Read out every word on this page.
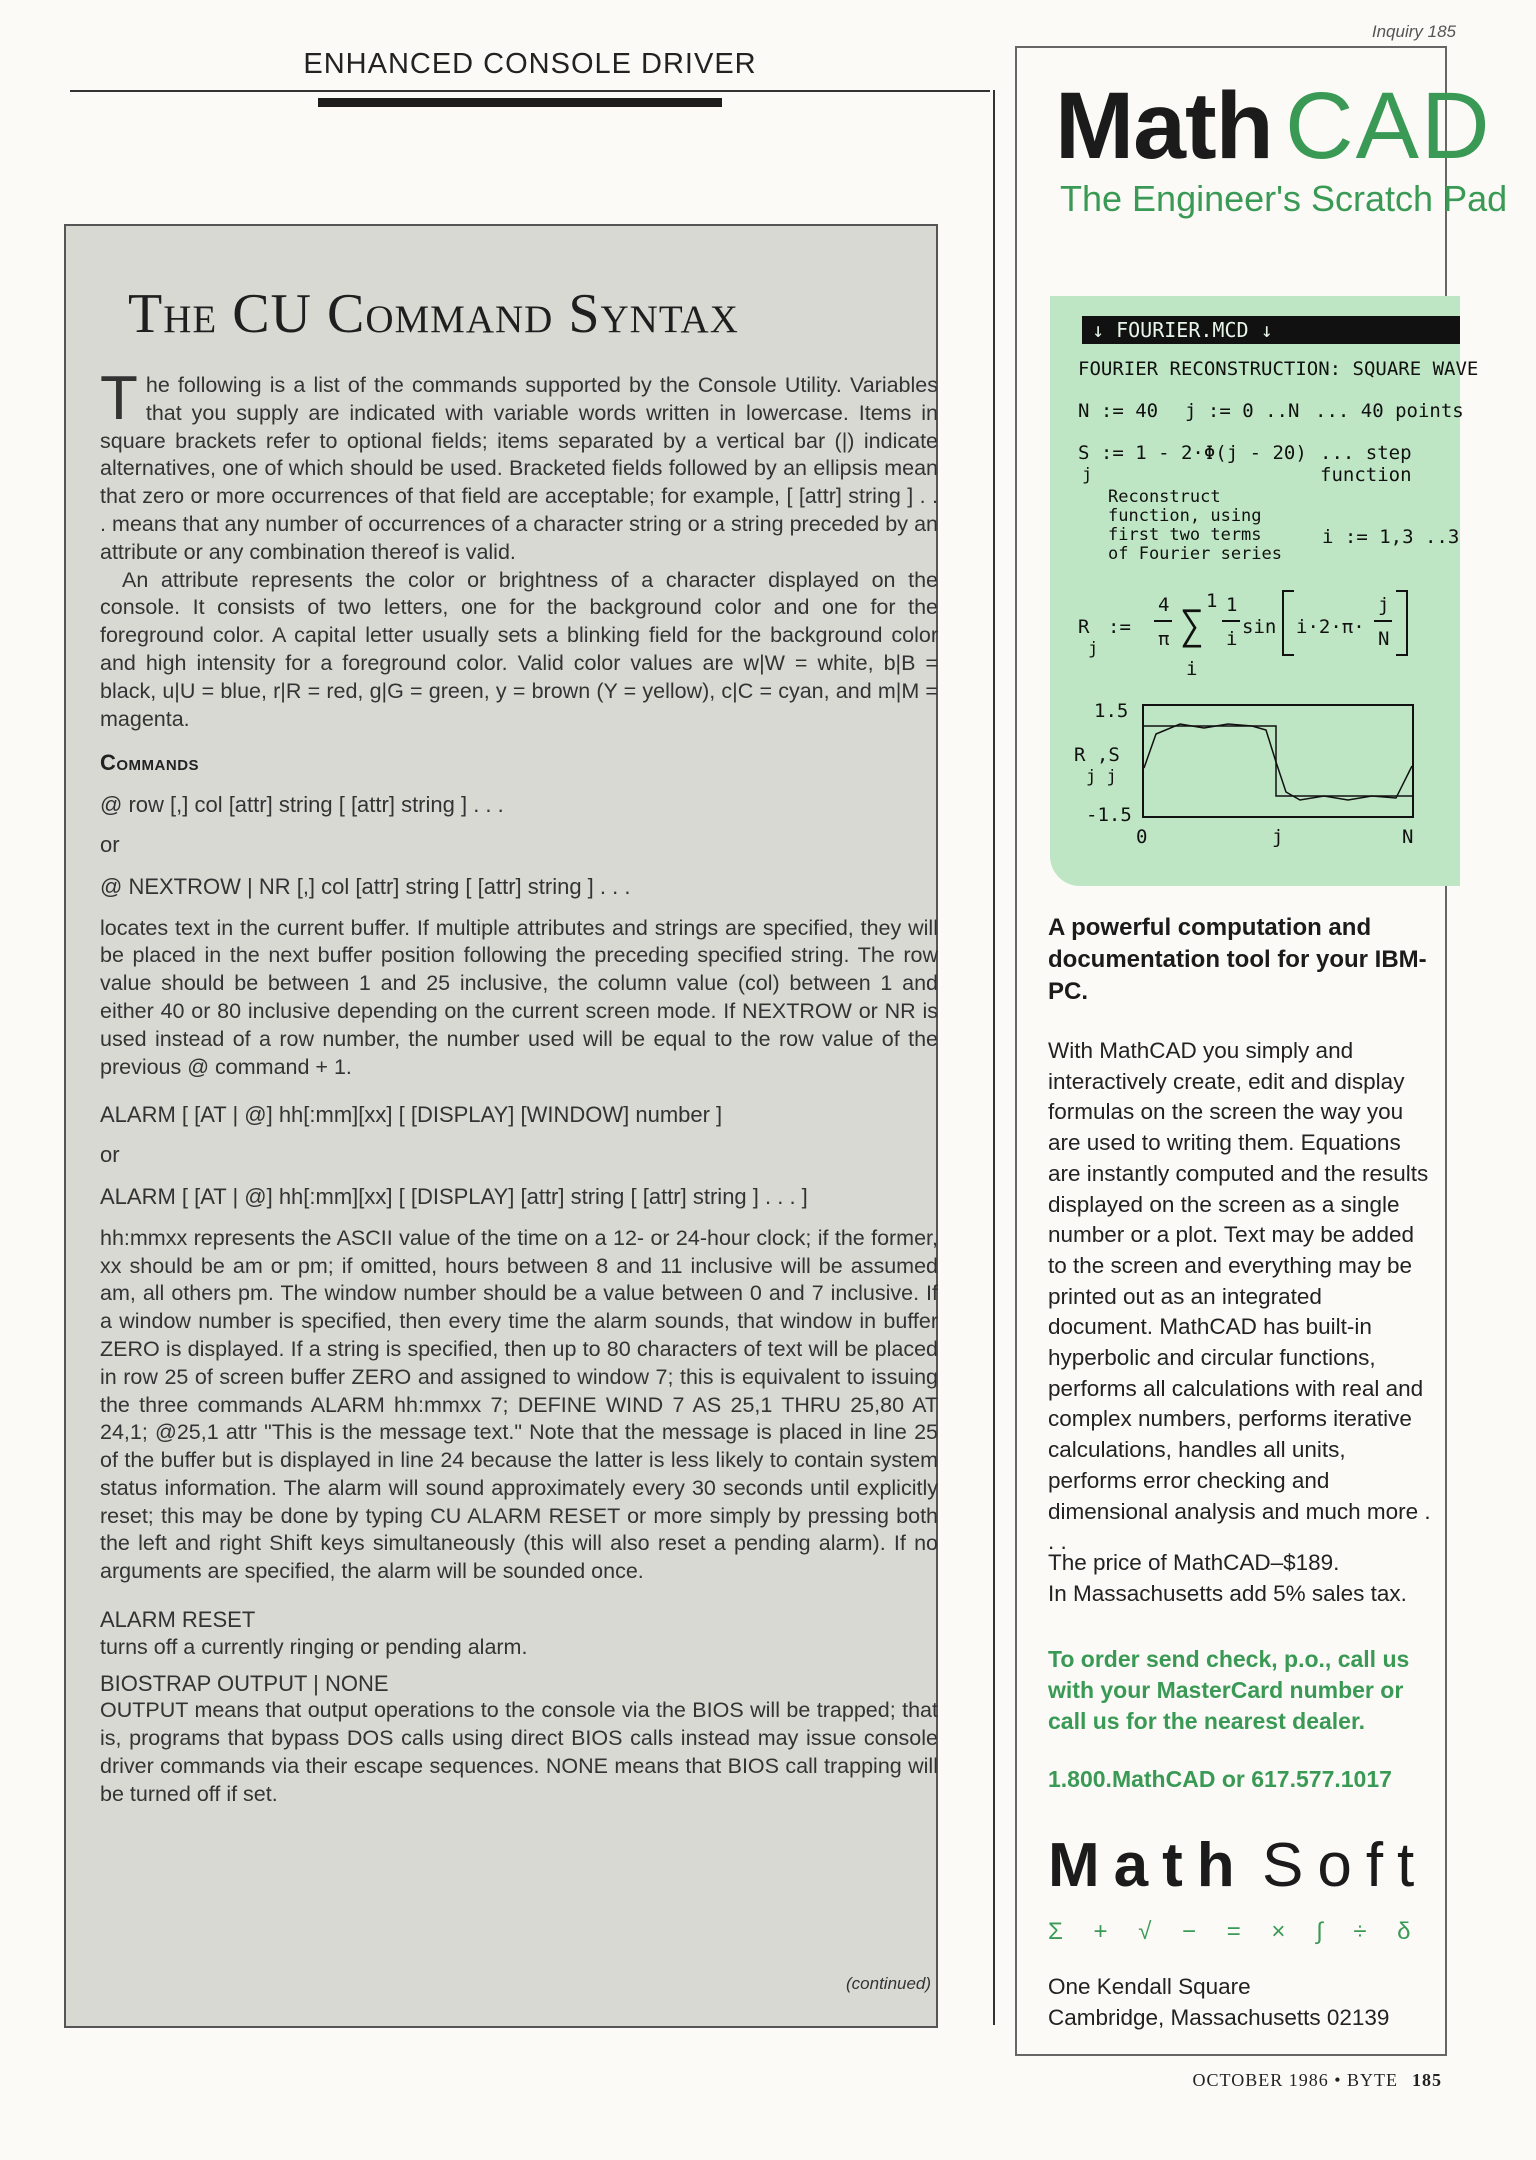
Inquiry 185
ENHANCED CONSOLE DRIVER
The CU Command Syntax

The following is a list of the commands supported by the Console Utility. Variables that you supply are indicated with variable words written in lowercase. Items in square brackets refer to optional fields; items separated by a vertical bar (|) indicate alternatives, one of which should be used. Bracketed fields followed by an ellipsis mean that zero or more occurrences of that field are acceptable; for example, [ [attr] string ] . . . means that any number of occurrences of a character string or a string preceded by an attribute or any combination thereof is valid.

An attribute represents the color or brightness of a character displayed on the console. It consists of two letters, one for the background color and one for the foreground color. A capital letter usually sets a blinking field for the background color and high intensity for a foreground color. Valid color values are w|W = white, b|B = black, u|U = blue, r|R = red, g|G = green, y = brown (Y = yellow), c|C = cyan, and m|M = magenta.

Commands

@ row [,] col [attr] string [ [attr] string ] . . .

or

@ NEXTROW | NR [,] col [attr] string [ [attr] string ] . . .

locates text in the current buffer. If multiple attributes and strings are specified, they will be placed in the next buffer position following the preceding specified string. The row value should be between 1 and 25 inclusive, the column value (col) between 1 and either 40 or 80 inclusive depending on the current screen mode. If NEXTROW or NR is used instead of a row number, the number used will be equal to the row value of the previous @ command + 1.

ALARM [ [AT | @] hh[:mm][xx] [ [DISPLAY] [WINDOW] number ]

or

ALARM [ [AT | @] hh[:mm][xx] [ [DISPLAY] [attr] string [ [attr] string ] . . . ]

hh:mmxx represents the ASCII value of the time on a 12- or 24-hour clock; if the former, xx should be am or pm; if omitted, hours between 8 and 11 inclusive will be assumed am, all others pm. The window number should be a value between 0 and 7 inclusive. If a window number is specified, then every time the alarm sounds, that window in buffer ZERO is displayed. If a string is specified, then up to 80 characters of text will be placed in row 25 of screen buffer ZERO and assigned to window 7; this is equivalent to issuing the three commands ALARM hh:mmxx 7; DEFINE WIND 7 AS 25,1 THRU 25,80 AT 24,1; @25,1 attr "This is the message text." Note that the message is placed in line 25 of the buffer but is displayed in line 24 because the latter is less likely to contain system status information. The alarm will sound approximately every 30 seconds until explicitly reset; this may be done by typing CU ALARM RESET or more simply by pressing both the left and right Shift keys simultaneously (this will also reset a pending alarm). If no arguments are specified, the alarm will be sounded once.

ALARM RESET

turns off a currently ringing or pending alarm.

BIOSTRAP OUTPUT | NONE

OUTPUT means that output operations to the console via the BIOS will be trapped; that is, programs that bypass DOS calls using direct BIOS calls instead may issue console driver commands via their escape sequences. NONE means that BIOS call trapping will be turned off if set.

(continued)
Math CAD
The Engineer's Scratch Pad
↓ FOURIER.MCD ↓
FOURIER RECONSTRUCTION: SQUARE WAVE
N := 40 j := 0 ..N ... 40 points
S := 1 - 2·Φ(j - 20)
j
... step
function
Reconstruct
function, using
first two terms
of Fourier series
i := 1,3 ..3
R
j
:=
4
π
1
∑
i
1
i
sin i·2·π·
j
N
1.5
R ,S
j j
-1.5
0	j	N
A powerful computation and documentation tool for your IBM-PC.
With MathCAD you simply and interactively create, edit and display formulas on the screen the way you are used to writing them. Equations are instantly computed and the results displayed on the screen as a single number or a plot. Text may be added to the screen and everything may be printed out as an integrated document. MathCAD has built-in hyperbolic and circular functions, performs all calculations with real and complex numbers, performs iterative calculations, handles all units, performs error checking and dimensional analysis and much more . . .
The price of MathCAD–$189.
In Massachusetts add 5% sales tax.
To order send check, p.o., call us with your MasterCard number or call us for the nearest dealer.
1.800.MathCAD or 617.577.1017
Math Soft
Σ + √ − = × ∫ ÷ δ
One Kendall Square
Cambridge, Massachusetts 02139
OCTOBER 1986 • BYTE 185
